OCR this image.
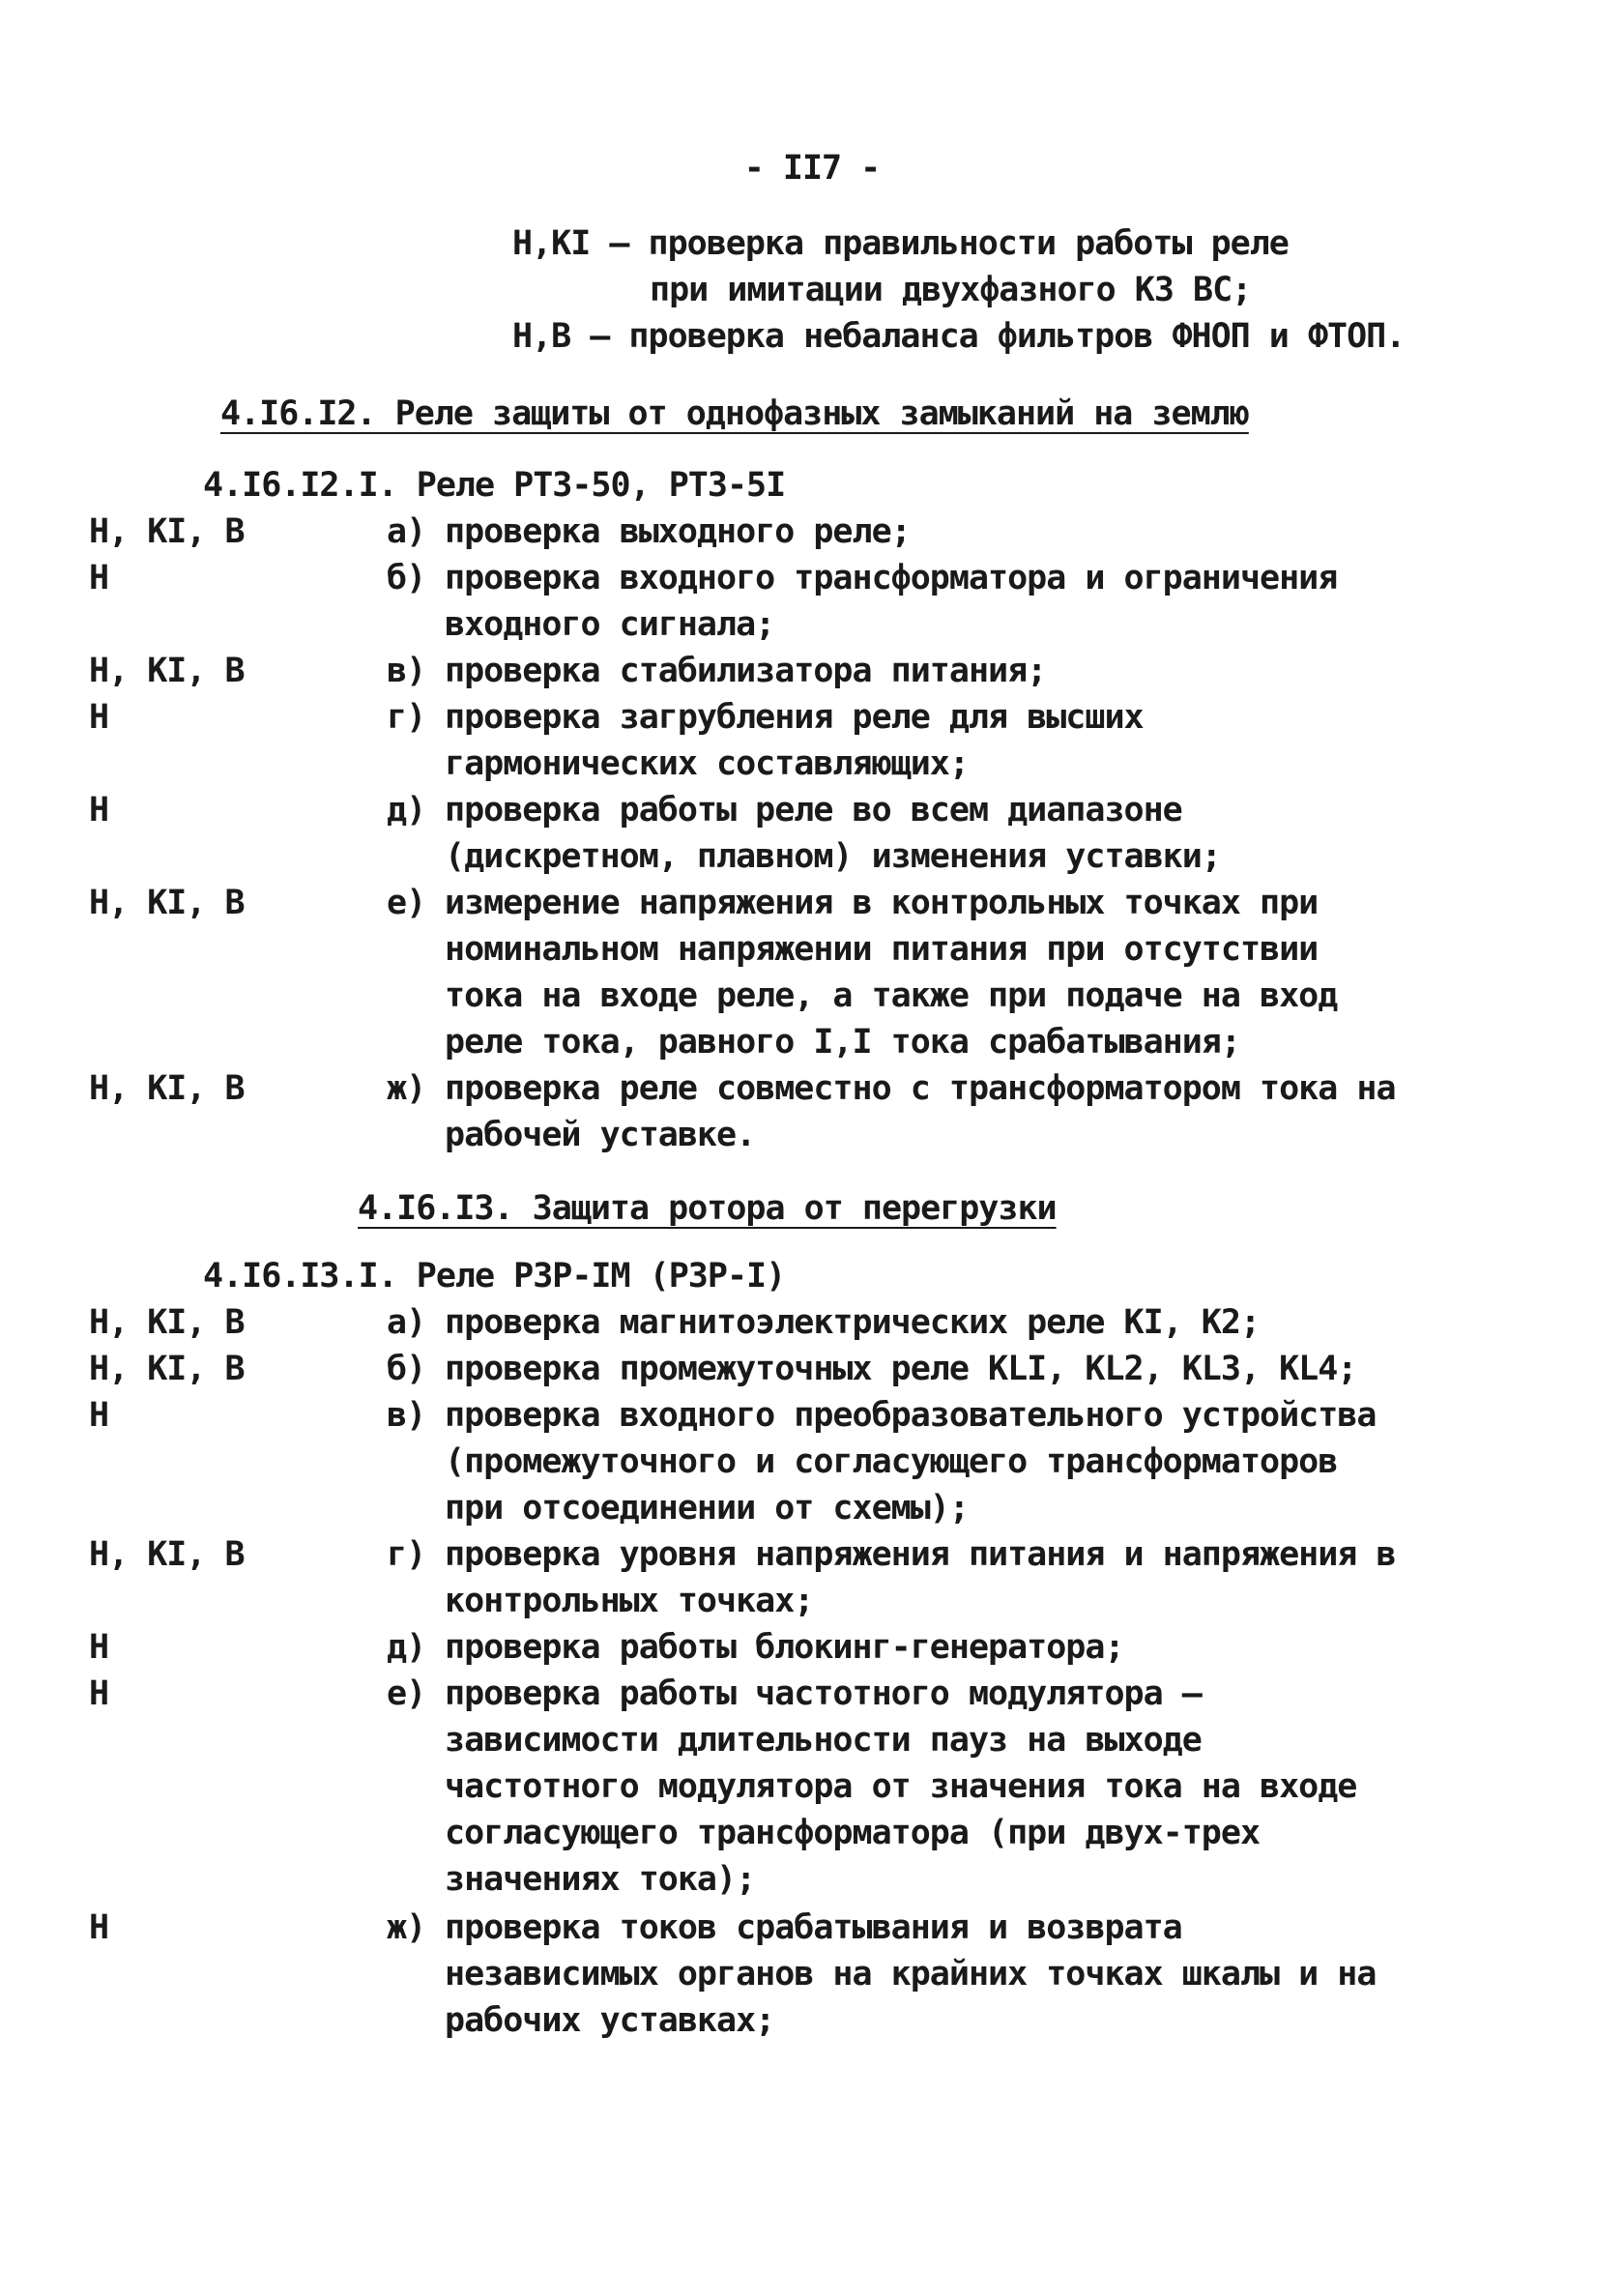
- II7 -
Н,КI – проверка правильности работы реле
при имитации двухфазного КЗ ВС;
Н,В – проверка небаланса фильтров ФНОП и ФТОП.
4.I6.I2. Реле защиты от однофазных замыканий на землю
4.I6.I2.I. Реле РТЗ-50, РТЗ-5I
Н, КI, В	а) проверка выходного реле;
Н	б) проверка входного трансформатора и ограничения входного сигнала;
Н, КI, В	в) проверка стабилизатора питания;
Н	г) проверка загрубления реле для высших гармонических составляющих;
Н	д) проверка работы реле во всем диапазоне (дискретном, плавном) изменения уставки;
Н, КI, В	е) измерение напряжения в контрольных точках при номинальном напряжении питания при отсутствии тока на входе реле, а также при подаче на вход реле тока, равного I,I тока срабатывания;
Н, КI, В	ж) проверка реле совместно с трансформатором тока на рабочей уставке.
4.I6.I3. Защита ротора от перегрузки
4.I6.I3.I. Реле РЗР-IМ (РЗР-I)
Н, КI, В	а) проверка магнитоэлектрических реле КI, К2;
Н, КI, В	б) проверка промежуточных реле КLI, КL2, КL3, КL4;
Н	в) проверка входного преобразовательного устройства (промежуточного и согласующего трансформаторов при отсоединении от схемы);
Н, КI, В	г) проверка уровня напряжения питания и напряжения в контрольных точках;
Н	д) проверка работы блокинг-генератора;
Н	е) проверка работы частотного модулятора – зависимости длительности пауз на выходе частотного модулятора от значения тока на входе согласующего трансформатора (при двух-трех значениях тока);
Н	ж) проверка токов срабатывания и возврата независимых органов на крайних точках шкалы и на рабочих уставках;
